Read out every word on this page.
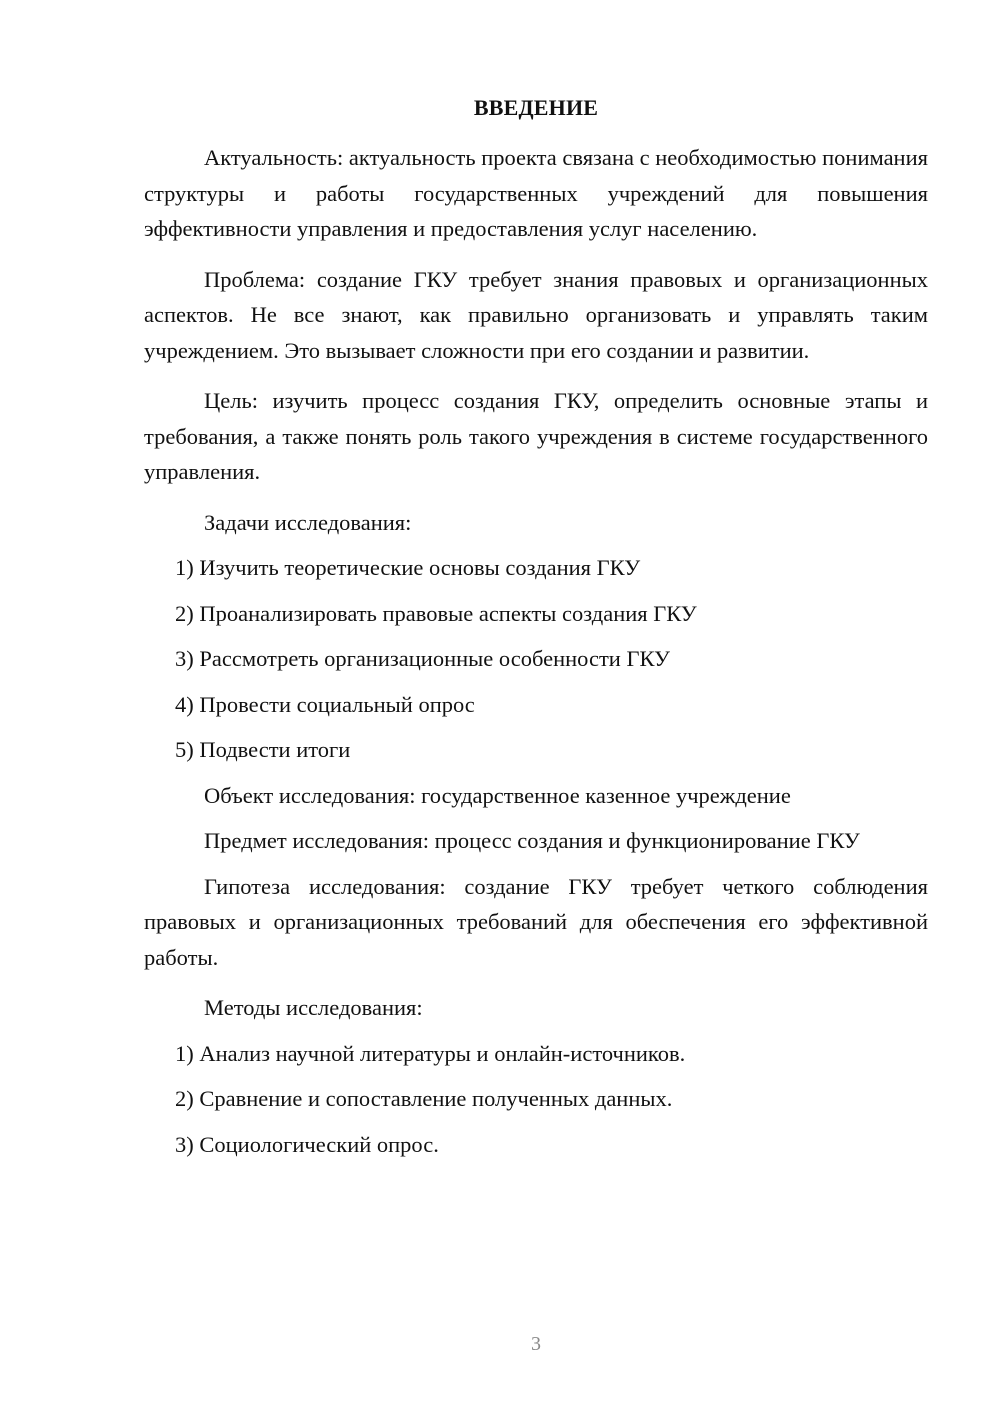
ВВЕДЕНИЕ

Актуальность: актуальность проекта связана с необходимостью понимания структуры и работы государственных учреждений для повышения эффективности управления и предоставления услуг населению.

Проблема: создание ГКУ требует знания правовых и организационных аспектов. Не все знают, как правильно организовать и управлять таким учреждением. Это вызывает сложности при его создании и развитии.

Цель: изучить процесс создания ГКУ, определить основные этапы и требования, а также понять роль такого учреждения в системе государственного управления.

Задачи исследования:

1) Изучить теоретические основы создания ГКУ
2) Проанализировать правовые аспекты создания ГКУ
3) Рассмотреть организационные особенности ГКУ
4) Провести социальный опрос
5) Подвести итоги

Объект исследования: государственное казенное учреждение

Предмет исследования: процесс создания и функционирование ГКУ

Гипотеза исследования: создание ГКУ требует четкого соблюдения правовых и организационных требований для обеспечения его эффективной работы.

Методы исследования:

1) Анализ научной литературы и онлайн-источников.
2) Сравнение и сопоставление полученных данных.
3) Социологический опрос.
3
